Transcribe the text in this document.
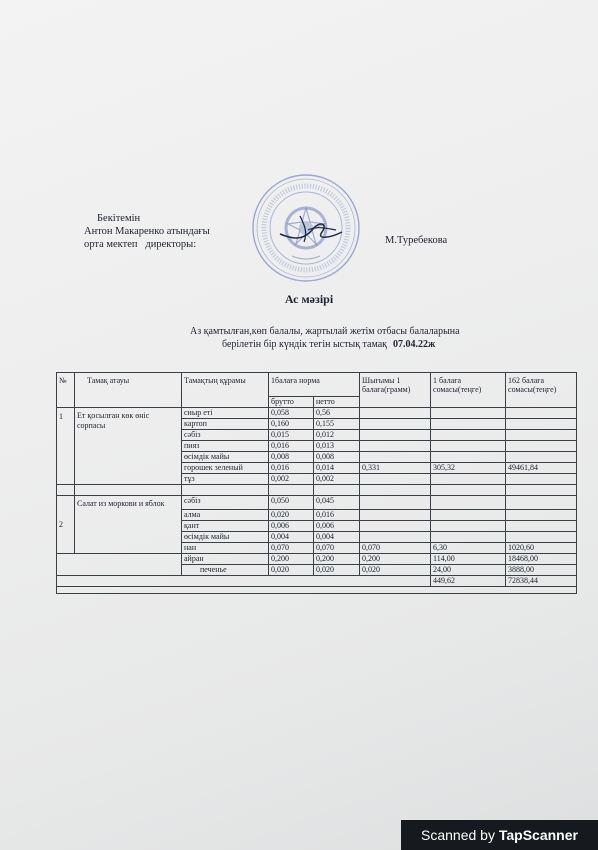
Бекітемін
Антон Макаренко атындағы
орта мектеп   директоры:	М.Туребекова
Ас мәзірі
Аз қамтылған,көп балалы, жартылай жетім отбасы балаларына
берілетін бір күндік тегін ыстық тамақ 07.04.22ж
№	Тамақ атауы	Тамақтың құрамы	1балаға норма		Шығымы 1 балаға(грамм)	1 балаға сомасы(теңге)	162 балаға сомасы(теңге)
			брутто	нетто			
1	Ет қосылған көк өніс сорпасы	сиыр еті	0,058	0,56			
		картоп	0,160	0,155			
		сәбіз	0,015	0,012			
		пияз	0,016	0,013			
		өсімдік майы	0,008	0,008			
		горошек зеленый	0,016	0,014	0,331	305,32	49461,84
		тұз	0,002	0,002			

2	Салат из моркови и яблок	сәбіз	0,050	0,045			
		алма	0,020	0,016			
		қант	0,006	0,006			
		өсімдік майы	0,004	0,004			
		нан	0,070	0,070	0,070	6,30	1020,60
		айран	0,200	0,200	0,200	114,00	18468,00
		печенье	0,020	0,020	0,020	24,00	3888,00
						449,62	72838,44

Scanned by TapScanner
